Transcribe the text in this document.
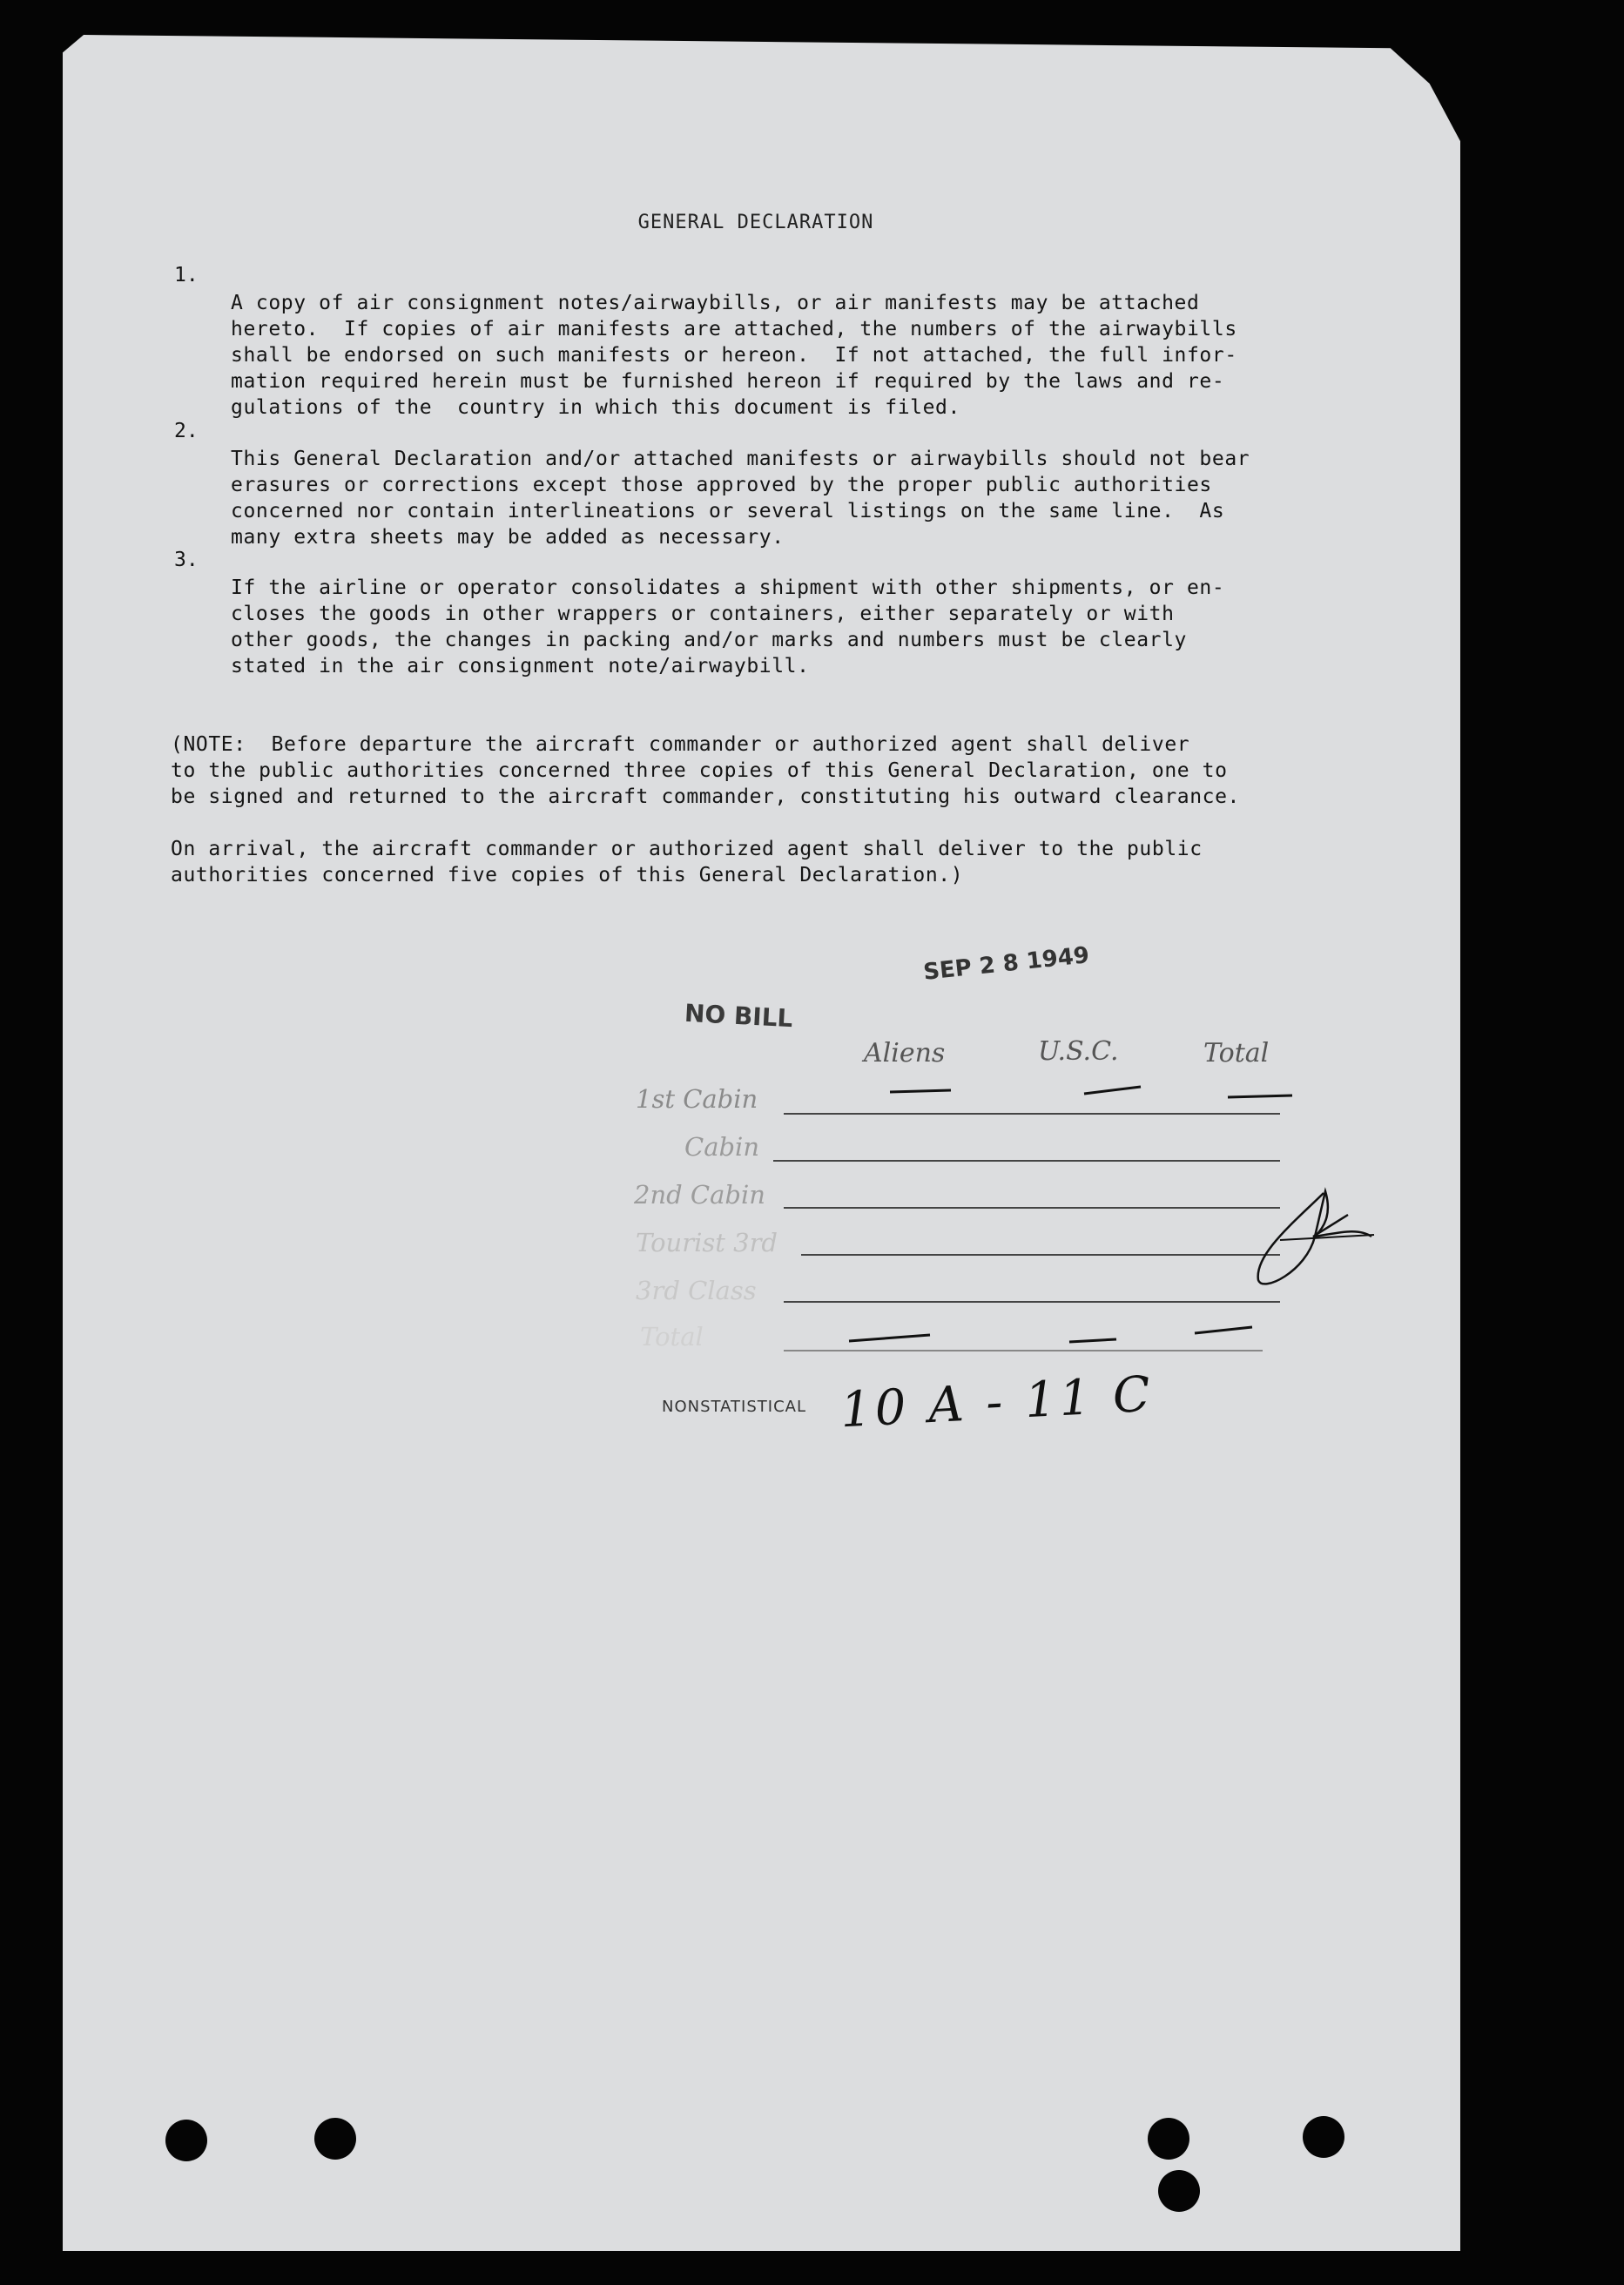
GENERAL DECLARATION
1.

A copy of air consignment notes/airwaybills, or air manifests may be attached
hereto.  If copies of air manifests are attached, the numbers of the airwaybills
shall be endorsed on such manifests or hereon.  If not attached, the full infor-
mation required herein must be furnished hereon if required by the laws and re-
gulations of the  country in which this document is filed.
2.

This General Declaration and/or attached manifests or airwaybills should not bear
erasures or corrections except those approved by the proper public authorities
concerned nor contain interlineations or several listings on the same line.  As
many extra sheets may be added as necessary.
3.

If the airline or operator consolidates a shipment with other shipments, or en-
closes the goods in other wrappers or containers, either separately or with
other goods, the changes in packing and/or marks and numbers must be clearly
stated in the air consignment note/airwaybill.

(NOTE:  Before departure the aircraft commander or authorized agent shall deliver
to the public authorities concerned three copies of this General Declaration, one to
be signed and returned to the aircraft commander, constituting his outward clearance.

On arrival, the aircraft commander or authorized agent shall deliver to the public
authorities concerned five copies of this General Declaration.)
SEP 2 8 1949
NO BILL
Aliens	U.S.C.	Total
1st Cabin
Cabin
2nd Cabin
Tourist 3rd
3rd Class
Total
NONSTATISTICAL 10 A - 11 C
